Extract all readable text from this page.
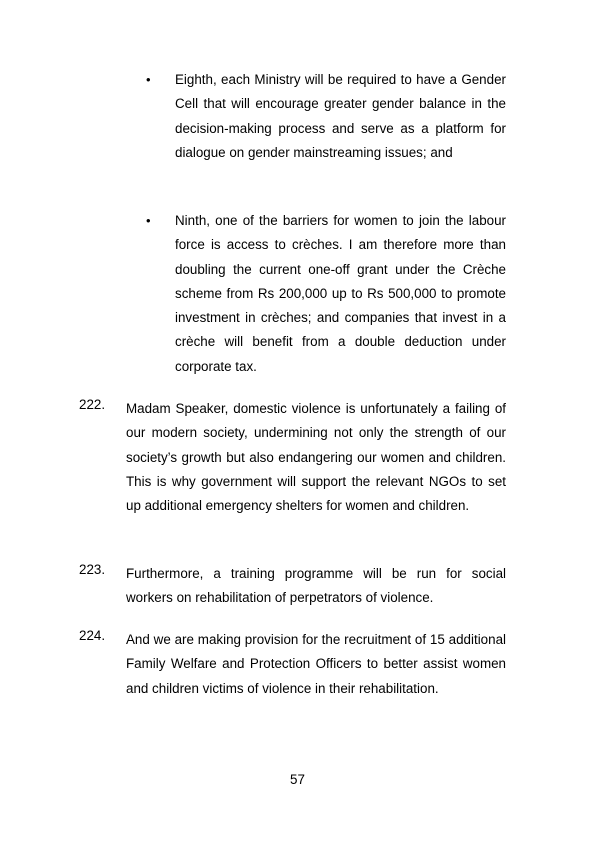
•	Eighth, each Ministry will be required to have a Gender Cell that will encourage greater gender balance in the decision-making process and serve as a platform for dialogue on gender mainstreaming issues; and
•	Ninth, one of the barriers for women to join the labour force is access to crèches. I am therefore more than doubling the current one-off grant under the Crèche scheme from Rs 200,000 up to Rs 500,000 to promote investment in crèches; and companies that invest in a crèche will benefit from a double deduction under corporate tax.
222.	Madam Speaker, domestic violence is unfortunately a failing of our modern society, undermining not only the strength of our society’s growth but also endangering our women and children. This is why government will support the relevant NGOs to set up additional emergency shelters for women and children.
223.	Furthermore, a training programme will be run for social workers on rehabilitation of perpetrators of violence.
224.	And we are making provision for the recruitment of 15 additional Family Welfare and Protection Officers to better assist women and children victims of violence in their rehabilitation.
57
